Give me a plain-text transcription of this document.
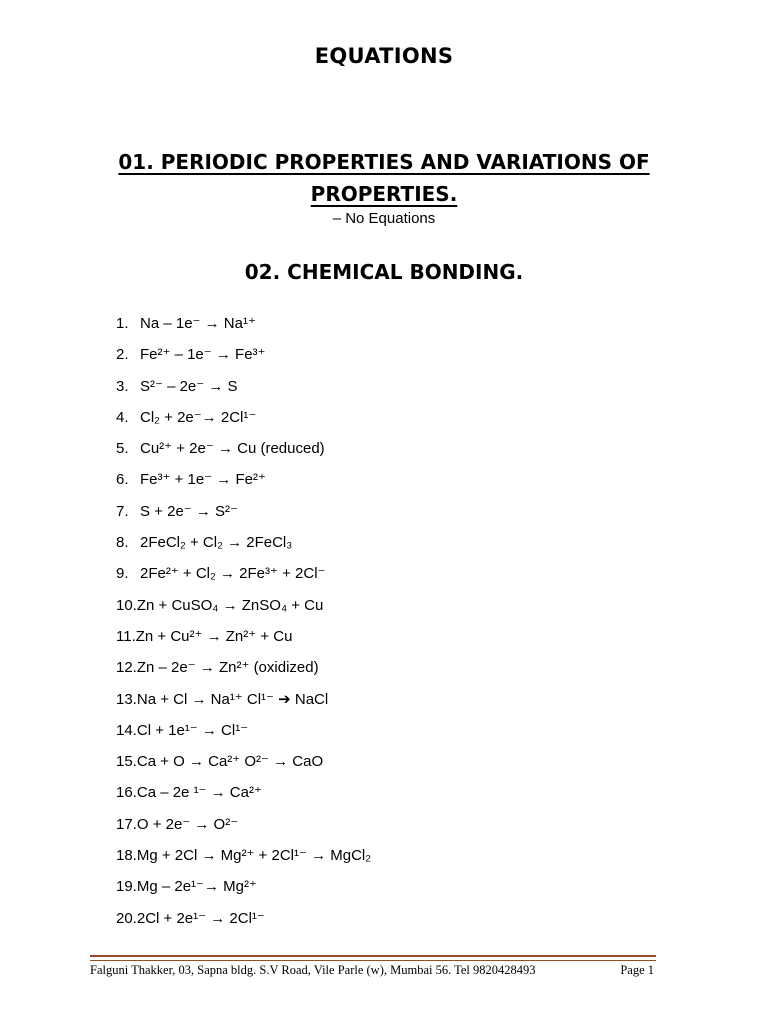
EQUATIONS
01. PERIODIC PROPERTIES AND VARIATIONS OF
PROPERTIES.
– No Equations
02. CHEMICAL BONDING.
1. Na – 1e⁻ → Na¹⁺
2. Fe²⁺ – 1e⁻ → Fe³⁺
3. S²⁻ – 2e⁻ → S
4. Cl₂ + 2e⁻→ 2Cl¹⁻
5. Cu²⁺ + 2e⁻ → Cu (reduced)
6. Fe³⁺ + 1e⁻ → Fe²⁺
7. S + 2e⁻ → S²⁻
8. 2FeCl₂ + Cl₂ → 2FeCl₃
9. 2Fe²⁺ + Cl₂ → 2Fe³⁺ + 2Cl⁻
10. Zn + CuSO₄ → ZnSO₄ + Cu
11. Zn + Cu²⁺ → Zn²⁺ + Cu
12. Zn – 2e⁻ → Zn²⁺ (oxidized)
13. Na + Cl → Na¹⁺ Cl¹⁻ ➔ NaCl
14. Cl + 1e¹⁻ → Cl¹⁻
15. Ca + O → Ca²⁺ O²⁻ → CaO
16. Ca – 2e ¹⁻ → Ca²⁺
17. O + 2e⁻ → O²⁻
18. Mg + 2Cl → Mg²⁺ + 2Cl¹⁻ → MgCl₂
19. Mg – 2e¹⁻→ Mg²⁺
20. 2Cl + 2e¹⁻ → 2Cl¹⁻
Falguni Thakker, 03, Sapna bldg. S.V Road, Vile Parle (w), Mumbai 56. Tel 9820428493	Page 1
